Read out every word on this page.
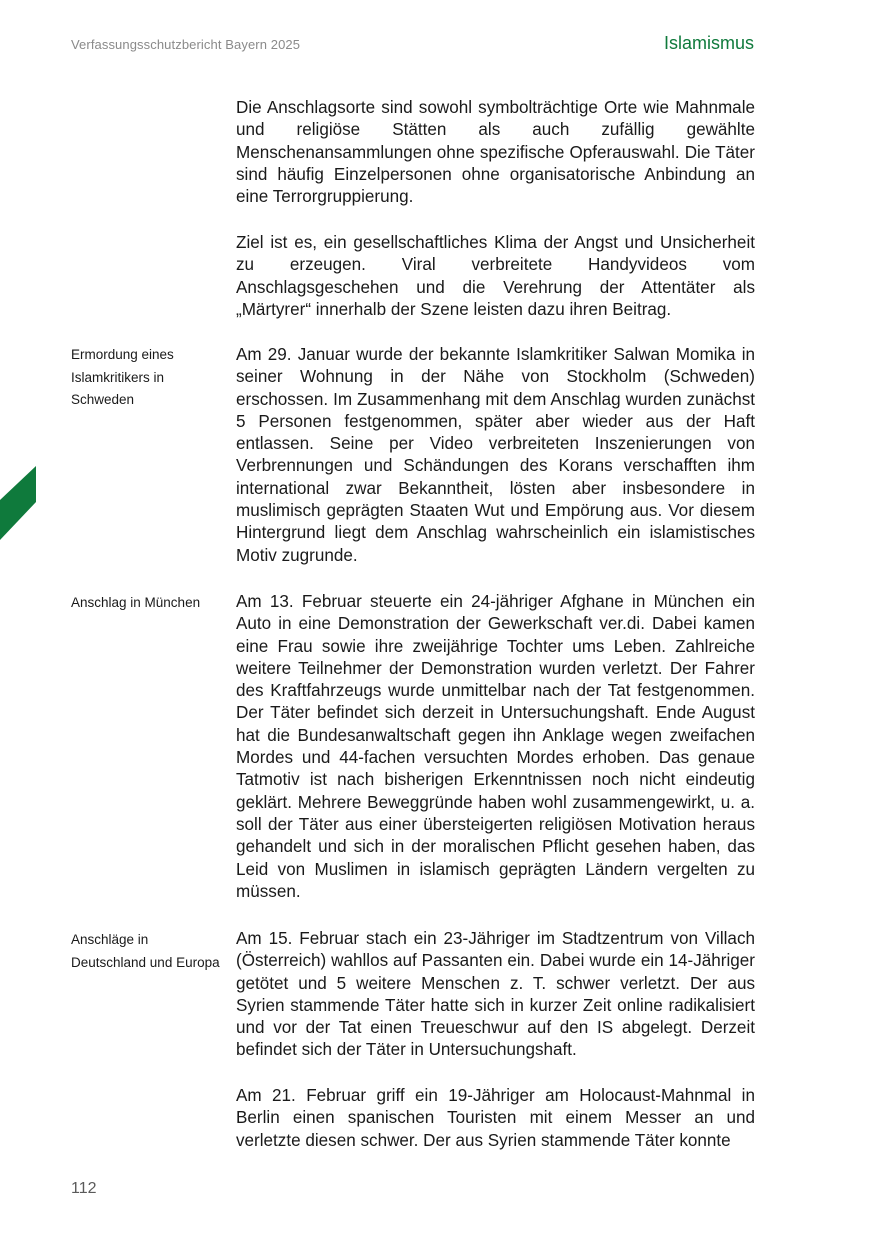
Verfassungsschutzbericht Bayern 2025	Islamismus

Die Anschlagsorte sind sowohl symbolträchtige Orte wie Mahnmale und religiöse Stätten als auch zufällig gewählte Menschenansammlungen ohne spezifische Opferauswahl. Die Täter sind häufig Einzelpersonen ohne organisatorische Anbindung an eine Terrorgruppierung.

Ziel ist es, ein gesellschaftliches Klima der Angst und Unsicherheit zu erzeugen. Viral verbreitete Handyvideos vom Anschlagsgeschehen und die Verehrung der Attentäter als „Märtyrer“ innerhalb der Szene leisten dazu ihren Beitrag.

Ermordung eines Islamkritikers in Schweden

Am 29. Januar wurde der bekannte Islamkritiker Salwan Momika in seiner Wohnung in der Nähe von Stockholm (Schweden) erschossen. Im Zusammenhang mit dem Anschlag wurden zunächst 5 Personen festgenommen, später aber wieder aus der Haft entlassen. Seine per Video verbreiteten Inszenierungen von Verbrennungen und Schändungen des Korans verschafften ihm international zwar Bekanntheit, lösten aber insbesondere in muslimisch geprägten Staaten Wut und Empörung aus. Vor diesem Hintergrund liegt dem Anschlag wahrscheinlich ein islamistisches Motiv zugrunde.

Anschlag in München	Am 13. Februar steuerte ein 24-jähriger Afghane in München ein Auto in eine Demonstration der Gewerkschaft ver.di. Dabei kamen eine Frau sowie ihre zweijährige Tochter ums Leben. Zahlreiche weitere Teilnehmer der Demonstration wurden verletzt. Der Fahrer des Kraftfahrzeugs wurde unmittelbar nach der Tat festgenommen. Der Täter befindet sich derzeit in Untersuchungshaft. Ende August hat die Bundesanwaltschaft gegen ihn Anklage wegen zweifachen Mordes und 44-fachen versuchten Mordes erhoben. Das genaue Tatmotiv ist nach bisherigen Erkenntnissen noch nicht eindeutig geklärt. Mehrere Beweggründe haben wohl zusammengewirkt, u. a. soll der Täter aus einer übersteigerten religiösen Motivation heraus gehandelt und sich in der moralischen Pflicht gesehen haben, das Leid von Muslimen in islamisch geprägten Ländern vergelten zu müssen.

Anschläge in Deutschland und Europa

Am 15. Februar stach ein 23-Jähriger im Stadtzentrum von Villach (Österreich) wahllos auf Passanten ein. Dabei wurde ein 14-Jähriger getötet und 5 weitere Menschen z. T. schwer verletzt. Der aus Syrien stammende Täter hatte sich in kurzer Zeit online radikalisiert und vor der Tat einen Treueschwur auf den IS abgelegt. Derzeit befindet sich der Täter in Untersuchungshaft.

Am 21. Februar griff ein 19-Jähriger am Holocaust-Mahnmal in Berlin einen spanischen Touristen mit einem Messer an und verletzte diesen schwer. Der aus Syrien stammende Täter konnte

112
